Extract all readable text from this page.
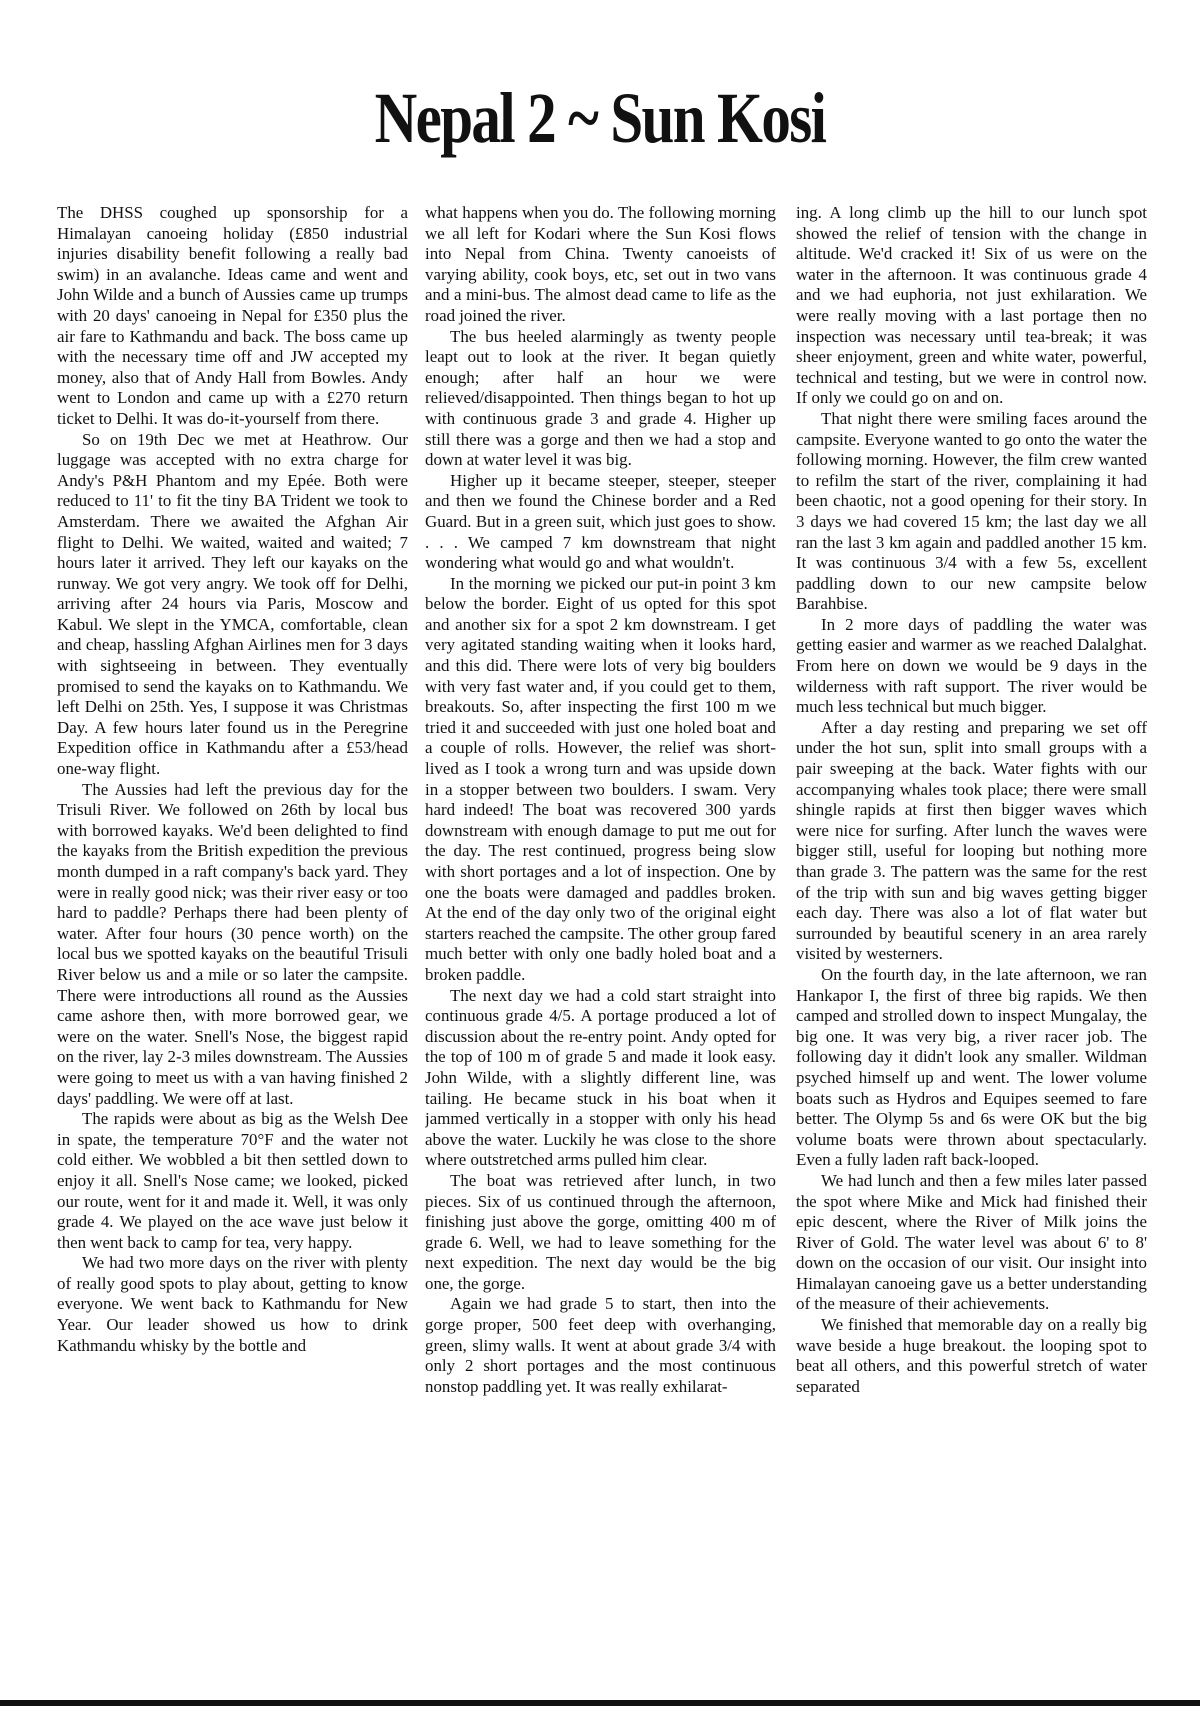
Nepal 2 ~ Sun Kosi

The DHSS coughed up sponsorship for a Himalayan canoeing holiday (£850 industrial injuries disability benefit following a really bad swim) in an avalanche. Ideas came and went and John Wilde and a bunch of Aussies came up trumps with 20 days' canoeing in Nepal for £350 plus the air fare to Kathmandu and back. The boss came up with the necessary time off and JW accepted my money, also that of Andy Hall from Bowles. Andy went to London and came up with a £270 return ticket to Delhi. It was do-it-yourself from there.

So on 19th Dec we met at Heathrow. Our luggage was accepted with no extra charge for Andy's P&H Phantom and my Epée. Both were reduced to 11' to fit the tiny BA Trident we took to Amsterdam. There we awaited the Afghan Air flight to Delhi. We waited, waited and waited; 7 hours later it arrived. They left our kayaks on the runway. We got very angry. We took off for Delhi, arriving after 24 hours via Paris, Moscow and Kabul. We slept in the YMCA, comfortable, clean and cheap, hassling Afghan Airlines men for 3 days with sightseeing in between. They eventually promised to send the kayaks on to Kathmandu. We left Delhi on 25th. Yes, I suppose it was Christmas Day. A few hours later found us in the Peregrine Expedition office in Kathmandu after a £53/head one-way flight.

The Aussies had left the previous day for the Trisuli River. We followed on 26th by local bus with borrowed kayaks. We'd been delighted to find the kayaks from the British expedition the previous month dumped in a raft company's back yard. They were in really good nick; was their river easy or too hard to paddle? Perhaps there had been plenty of water. After four hours (30 pence worth) on the local bus we spotted kayaks on the beautiful Trisuli River below us and a mile or so later the campsite. There were introductions all round as the Aussies came ashore then, with more borrowed gear, we were on the water. Snell's Nose, the biggest rapid on the river, lay 2-3 miles downstream. The Aussies were going to meet us with a van having finished 2 days' paddling. We were off at last.

The rapids were about as big as the Welsh Dee in spate, the temperature 70°F and the water not cold either. We wobbled a bit then settled down to enjoy it all. Snell's Nose came; we looked, picked our route, went for it and made it. Well, it was only grade 4. We played on the ace wave just below it then went back to camp for tea, very happy.

We had two more days on the river with plenty of really good spots to play about, getting to know everyone. We went back to Kathmandu for New Year. Our leader showed us how to drink Kathmandu whisky by the bottle and

what happens when you do. The following morning we all left for Kodari where the Sun Kosi flows into Nepal from China. Twenty canoeists of varying ability, cook boys, etc, set out in two vans and a mini-bus. The almost dead came to life as the road joined the river.

The bus heeled alarmingly as twenty people leapt out to look at the river. It began quietly enough; after half an hour we were relieved/disappointed. Then things began to hot up with continuous grade 3 and grade 4. Higher up still there was a gorge and then we had a stop and down at water level it was big.

Higher up it became steeper, steeper, steeper and then we found the Chinese border and a Red Guard. But in a green suit, which just goes to show. . . . We camped 7 km downstream that night wondering what would go and what wouldn't.

In the morning we picked our put-in point 3 km below the border. Eight of us opted for this spot and another six for a spot 2 km downstream. I get very agitated standing waiting when it looks hard, and this did. There were lots of very big boulders with very fast water and, if you could get to them, breakouts. So, after inspecting the first 100 m we tried it and succeeded with just one holed boat and a couple of rolls. However, the relief was short-lived as I took a wrong turn and was upside down in a stopper between two boulders. I swam. Very hard indeed! The boat was recovered 300 yards downstream with enough damage to put me out for the day. The rest continued, progress being slow with short portages and a lot of inspection. One by one the boats were damaged and paddles broken. At the end of the day only two of the original eight starters reached the campsite. The other group fared much better with only one badly holed boat and a broken paddle.

The next day we had a cold start straight into continuous grade 4/5. A portage produced a lot of discussion about the re-entry point. Andy opted for the top of 100 m of grade 5 and made it look easy. John Wilde, with a slightly different line, was tailing. He became stuck in his boat when it jammed vertically in a stopper with only his head above the water. Luckily he was close to the shore where outstretched arms pulled him clear.

The boat was retrieved after lunch, in two pieces. Six of us continued through the afternoon, finishing just above the gorge, omitting 400 m of grade 6. Well, we had to leave something for the next expedition. The next day would be the big one, the gorge.

Again we had grade 5 to start, then into the gorge proper, 500 feet deep with overhanging, green, slimy walls. It went at about grade 3/4 with only 2 short portages and the most continuous nonstop paddling yet. It was really exhilarat-

ing. A long climb up the hill to our lunch spot showed the relief of tension with the change in altitude. We'd cracked it! Six of us were on the water in the afternoon. It was continuous grade 4 and we had euphoria, not just exhilaration. We were really moving with a last portage then no inspection was necessary until tea-break; it was sheer enjoyment, green and white water, powerful, technical and testing, but we were in control now. If only we could go on and on.

That night there were smiling faces around the campsite. Everyone wanted to go onto the water the following morning. However, the film crew wanted to refilm the start of the river, complaining it had been chaotic, not a good opening for their story. In 3 days we had covered 15 km; the last day we all ran the last 3 km again and paddled another 15 km. It was continuous 3/4 with a few 5s, excellent paddling down to our new campsite below Barahbise.

In 2 more days of paddling the water was getting easier and warmer as we reached Dalalghat. From here on down we would be 9 days in the wilderness with raft support. The river would be much less technical but much bigger.

After a day resting and preparing we set off under the hot sun, split into small groups with a pair sweeping at the back. Water fights with our accompanying whales took place; there were small shingle rapids at first then bigger waves which were nice for surfing. After lunch the waves were bigger still, useful for looping but nothing more than grade 3. The pattern was the same for the rest of the trip with sun and big waves getting bigger each day. There was also a lot of flat water but surrounded by beautiful scenery in an area rarely visited by westerners.

On the fourth day, in the late afternoon, we ran Hankapor I, the first of three big rapids. We then camped and strolled down to inspect Mungalay, the big one. It was very big, a river racer job. The following day it didn't look any smaller. Wildman psyched himself up and went. The lower volume boats such as Hydros and Equipes seemed to fare better. The Olymp 5s and 6s were OK but the big volume boats were thrown about spectacularly. Even a fully laden raft back-looped.

We had lunch and then a few miles later passed the spot where Mike and Mick had finished their epic descent, where the River of Milk joins the River of Gold. The water level was about 6' to 8' down on the occasion of our visit. Our insight into Himalayan canoeing gave us a better understanding of the measure of their achievements.

We finished that memorable day on a really big wave beside a huge breakout. the looping spot to beat all others, and this powerful stretch of water separated
